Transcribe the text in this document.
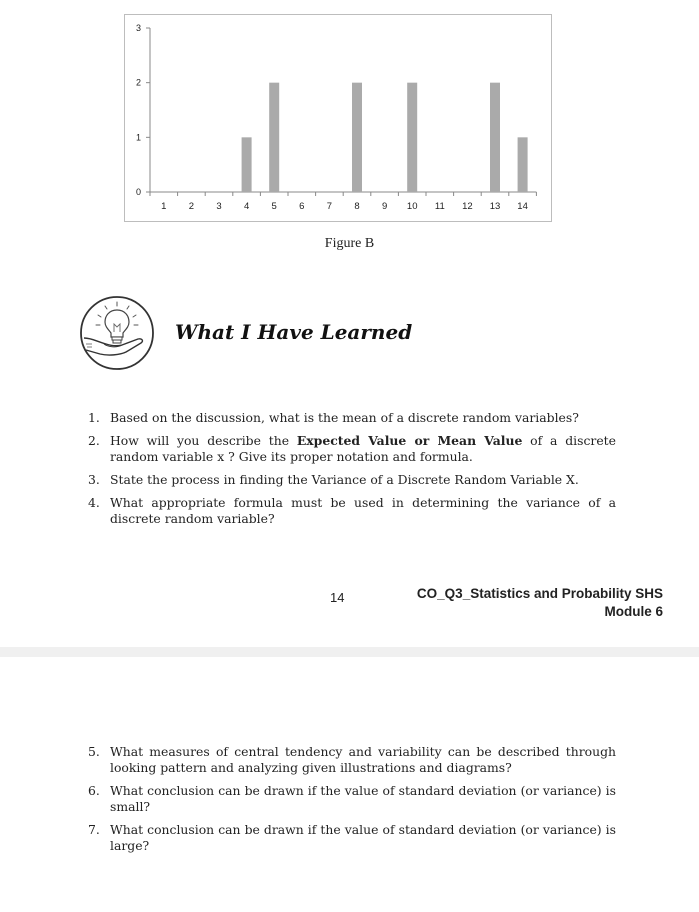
0
1
2
3
1 2 3 4 5 6 7 8 9 10 11 12 13 14
Figure B
What I Have Learned
1. Based on the discussion, what is the mean of a discrete random variables?
2. How will you describe the Expected Value or Mean Value of a discrete random variable x ? Give its proper notation and formula.
3. State the process in finding the Variance of a Discrete Random Variable X.
4. What appropriate formula must be used in determining the variance of a discrete random variable?
14	CO_Q3_Statistics and Probability SHS
Module 6
5. What measures of central tendency and variability can be described through looking pattern and analyzing given illustrations and diagrams?
6. What conclusion can be drawn if the value of standard deviation (or variance) is small?
7. What conclusion can be drawn if the value of standard deviation (or variance) is large?
